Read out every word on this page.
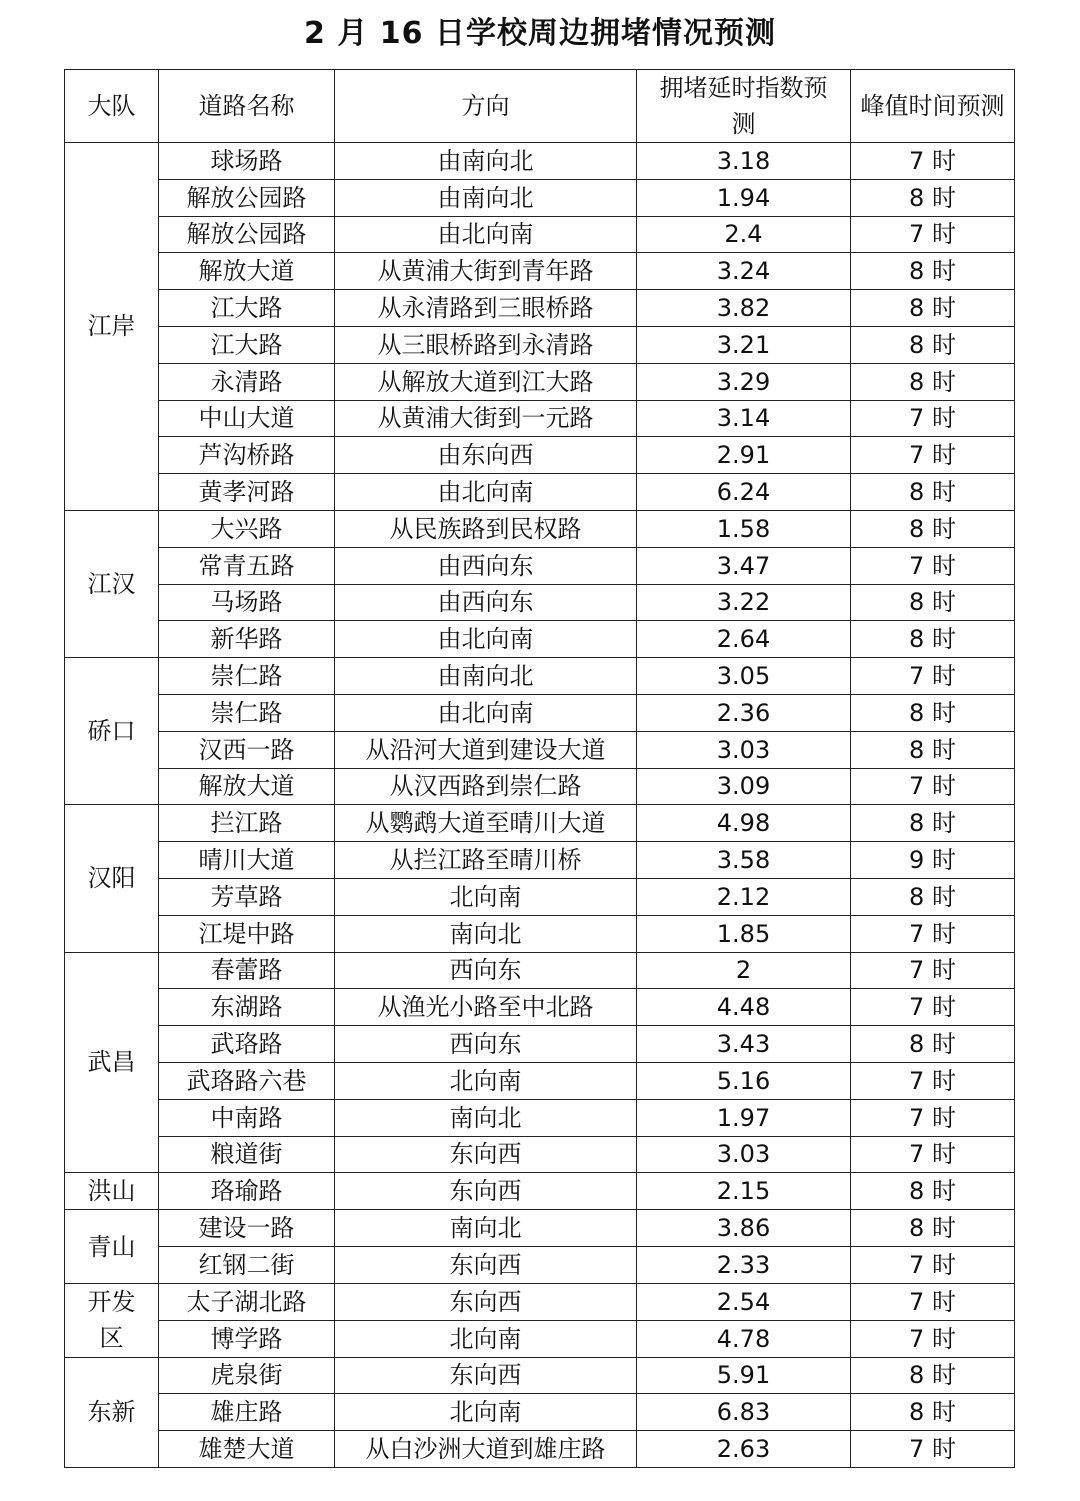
2 月 16 日学校周边拥堵情况预测
大队	道路名称	方向	拥堵延时指数预测	峰值时间预测
江岸	球场路	由南向北	3.18	7 时
	解放公园路	由南向北	1.94	8 时
	解放公园路	由北向南	2.4	7 时
	解放大道	从黄浦大街到青年路	3.24	8 时
	江大路	从永清路到三眼桥路	3.82	8 时
	江大路	从三眼桥路到永清路	3.21	8 时
	永清路	从解放大道到江大路	3.29	8 时
	中山大道	从黄浦大街到一元路	3.14	7 时
	芦沟桥路	由东向西	2.91	7 时
	黄孝河路	由北向南	6.24	8 时
江汉	大兴路	从民族路到民权路	1.58	8 时
	常青五路	由西向东	3.47	7 时
	马场路	由西向东	3.22	8 时
	新华路	由北向南	2.64	8 时
硚口	崇仁路	由南向北	3.05	7 时
	崇仁路	由北向南	2.36	8 时
	汉西一路	从沿河大道到建设大道	3.03	8 时
	解放大道	从汉西路到崇仁路	3.09	7 时
汉阳	拦江路	从鹦鹉大道至晴川大道	4.98	8 时
	晴川大道	从拦江路至晴川桥	3.58	9 时
	芳草路	北向南	2.12	8 时
	江堤中路	南向北	1.85	7 时
武昌	春蕾路	西向东	2	7 时
	东湖路	从渔光小路至中北路	4.48	7 时
	武珞路	西向东	3.43	8 时
	武珞路六巷	北向南	5.16	7 时
	中南路	南向北	1.97	7 时
	粮道街	东向西	3.03	7 时
洪山	珞瑜路	东向西	2.15	8 时
青山	建设一路	南向北	3.86	8 时
	红钢二街	东向西	2.33	7 时
开发区	太子湖北路	东向西	2.54	7 时
	博学路	北向南	4.78	7 时
东新	虎泉街	东向西	5.91	8 时
	雄庄路	北向南	6.83	8 时
	雄楚大道	从白沙洲大道到雄庄路	2.63	7 时
